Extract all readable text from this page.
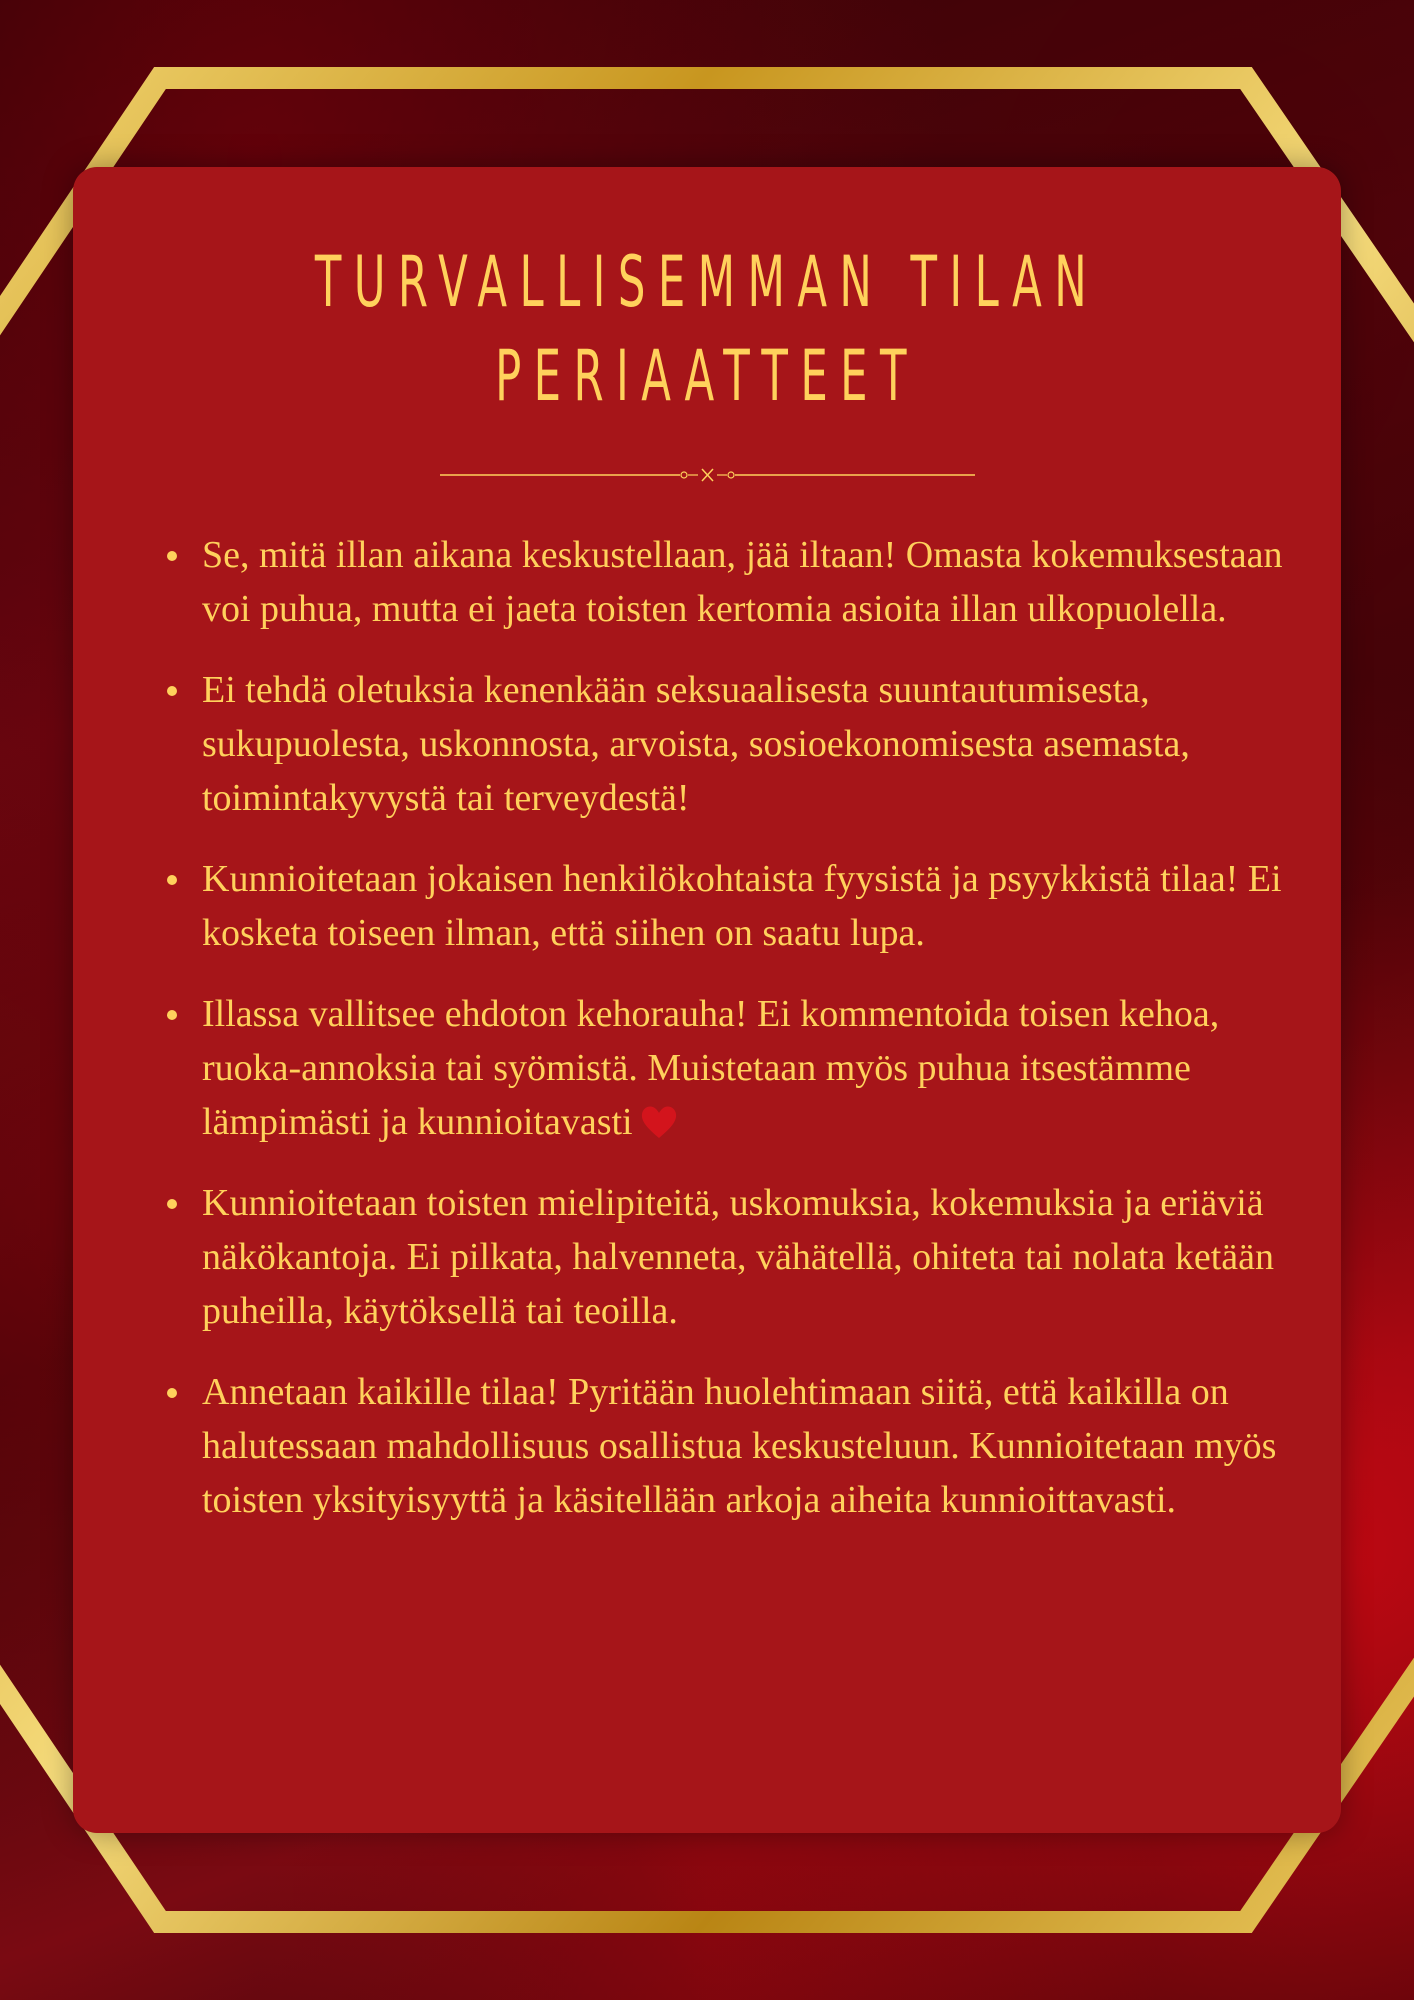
TURVALLISEMMAN TILAN
PERIAATTEET
Se, mitä illan aikana keskustellaan, jää iltaan! Omasta kokemuksestaan voi puhua, mutta ei jaeta toisten kertomia asioita illan ulkopuolella.
Ei tehdä oletuksia kenenkään seksuaalisesta suuntautumisesta, sukupuolesta, uskonnosta, arvoista, sosioekonomisesta asemasta, toimintakyvystä tai terveydestä!
Kunnioitetaan jokaisen henkilökohtaista fyysistä ja psyykkistä tilaa! Ei kosketa toiseen ilman, että siihen on saatu lupa.
Illassa vallitsee ehdoton kehorauha! Ei kommentoida toisen kehoa, ruoka-annoksia tai syömistä. Muistetaan myös puhua itsestämme lämpimästi ja kunnioitavasti
Kunnioitetaan toisten mielipiteitä, uskomuksia, kokemuksia ja eriäviä näkökantoja. Ei pilkata, halvenneta, vähätellä, ohiteta tai nolata ketään puheilla, käytöksellä tai teoilla.
Annetaan kaikille tilaa! Pyritään huolehtimaan siitä, että kaikilla on halutessaan mahdollisuus osallistua keskusteluun. Kunnioitetaan myös toisten yksityisyyttä ja käsitellään arkoja aiheita kunnioittavasti.
